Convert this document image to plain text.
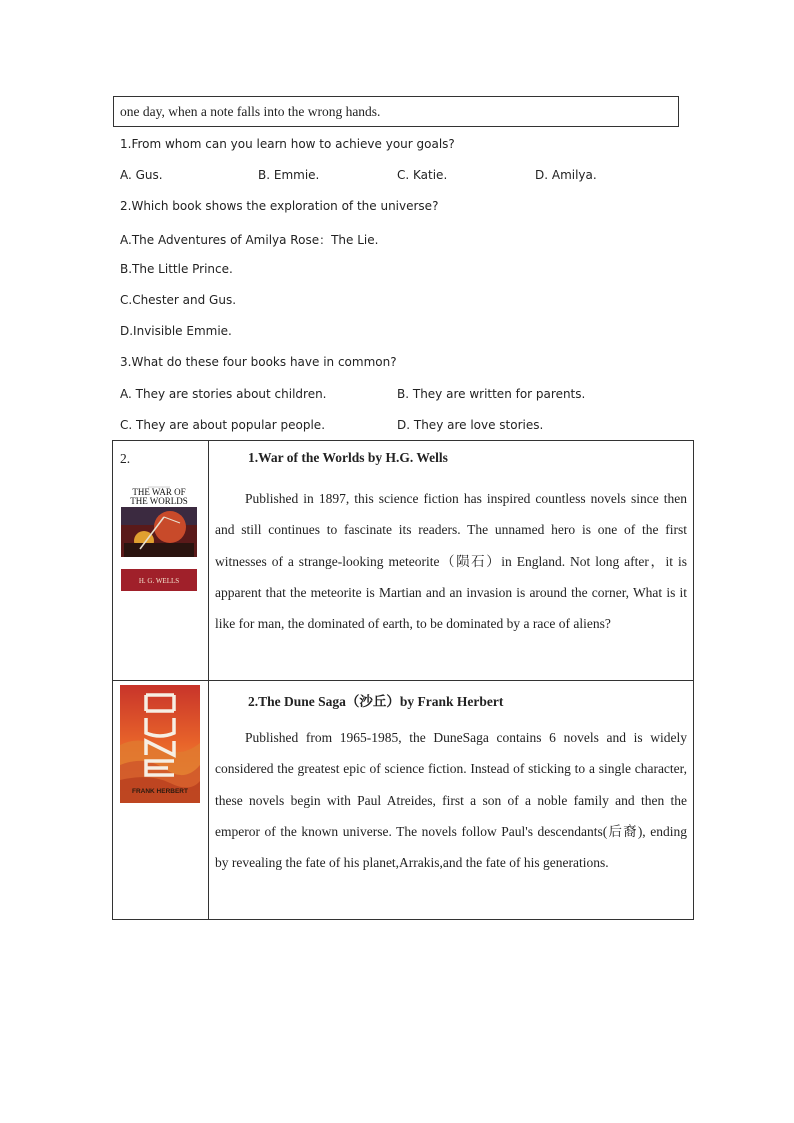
one day, when a note falls into the wrong hands.
1.From whom can you learn how to achieve your goals?
A. Gus.	B. Emmie.	C. Katie.	D. Amilya.
2.Which book shows the exploration of the universe?
A.The Adventures of Amilya Rose：The Lie.
B.The Little Prince.
C.Chester and Gus.
D.Invisible Emmie.
3.What do these four books have in common?
A. They are stories about children.	B. They are written for parents.
C. They are about popular people.	D. They are love stories.
2.
THE WAR OF
THE WORLDS
H. G. WELLS
1.War of the Worlds by H.G. Wells
Published in 1897, this science fiction has inspired countless novels since then and still continues to fascinate its readers. The unnamed hero is one of the first witnesses of a strange-looking meteorite（陨石）in England. Not long after，it is apparent that the meteorite is Martian and an invasion is around the corner, What is it like for man, the dominated of earth, to be dominated by a race of aliens?
FRANK HERBERT
2.The Dune Saga（沙丘）by Frank Herbert
Published from 1965-1985, the DuneSaga contains 6 novels and is widely considered the greatest epic of science fiction. Instead of sticking to a single character, these novels begin with Paul Atreides, first a son of a noble family and then the emperor of the known universe. The novels follow Paul's descendants(后裔), ending by revealing the fate of his planet,Arrakis,and the fate of his generations.
